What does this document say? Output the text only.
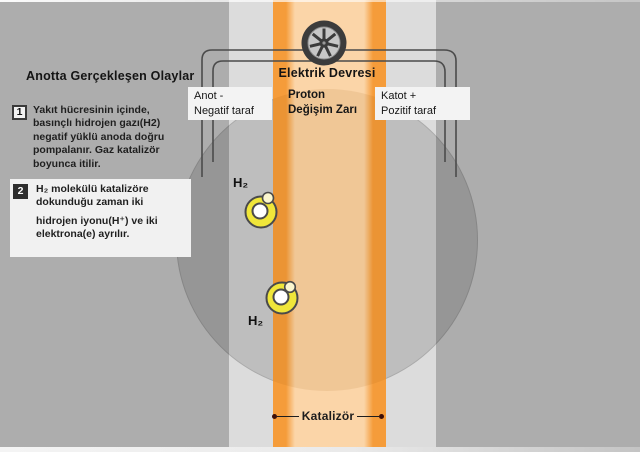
Elektrik Devresi
Anot -
Negatif taraf
Proton
Değişim Zarı
Katot +
Pozitif taraf
Anotta Gerçekleşen Olaylar
1	Yakıt hücresinin içinde,
basınçlı hidrojen gazı(H2)
negatif yüklü anoda doğru
pompalanır. Gaz katalizör
boyunca itilir.
2	H₂ molekülü katalizöre
dokunduğu zaman iki
hidrojen iyonu(H⁺) ve iki
elektrona(e) ayrılır.
H₂
H₂
Katalizör
